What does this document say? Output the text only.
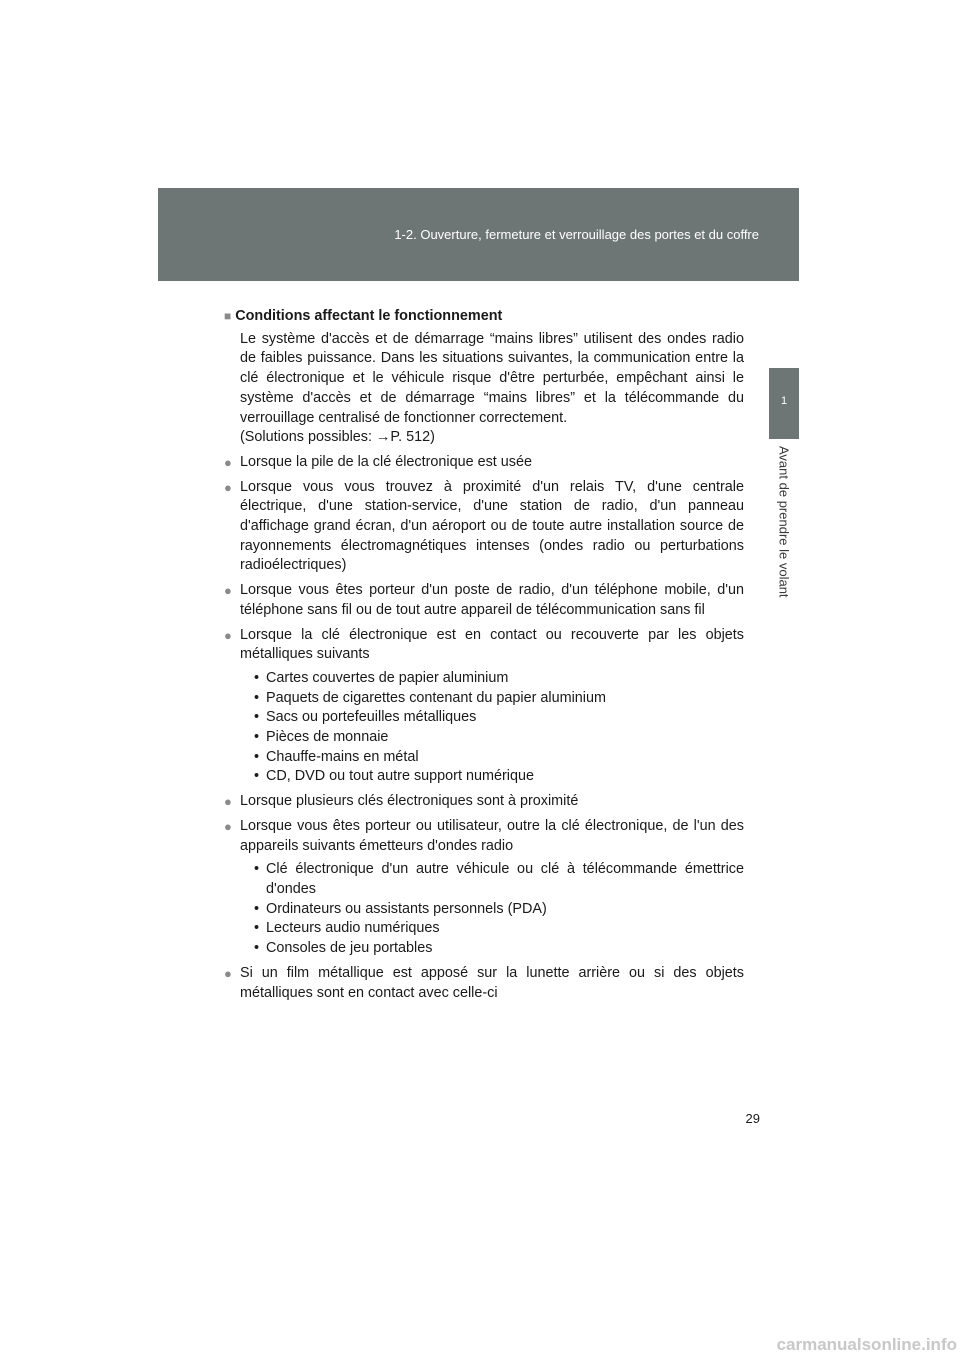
1-2. Ouverture, fermeture et verrouillage des portes et du coffre
1
Avant de prendre le volant
■ Conditions affectant le fonctionnement

Le système d'accès et de démarrage “mains libres” utilisent des ondes radio de faibles puissance. Dans les situations suivantes, la communication entre la clé électronique et le véhicule risque d'être perturbée, empêchant ainsi le système d'accès et de démarrage “mains libres” et la télécommande du verrouillage centralisé de fonctionner correctement.

(Solutions possibles: →P. 512)

● Lorsque la pile de la clé électronique est usée
● Lorsque vous vous trouvez à proximité d'un relais TV, d'une centrale électrique, d'une station-service, d'une station de radio, d'un panneau d'affichage grand écran, d'un aéroport ou de toute autre installation source de rayonnements électromagnétiques intenses (ondes radio ou perturbations radioélectriques)
● Lorsque vous êtes porteur d'un poste de radio, d'un téléphone mobile, d'un téléphone sans fil ou de tout autre appareil de télécommunication sans fil
● Lorsque la clé électronique est en contact ou recouverte par les objets métalliques suivants
• Cartes couvertes de papier aluminium
• Paquets de cigarettes contenant du papier aluminium
• Sacs ou portefeuilles métalliques
• Pièces de monnaie
• Chauffe-mains en métal
• CD, DVD ou tout autre support numérique
● Lorsque plusieurs clés électroniques sont à proximité
● Lorsque vous êtes porteur ou utilisateur, outre la clé électronique, de l'un des appareils suivants émetteurs d'ondes radio
• Clé électronique d'un autre véhicule ou clé à télécommande émettrice d'ondes
• Ordinateurs ou assistants personnels (PDA)
• Lecteurs audio numériques
• Consoles de jeu portables
● Si un film métallique est apposé sur la lunette arrière ou si des objets métalliques sont en contact avec celle-ci
29
carmanualsonline.info
